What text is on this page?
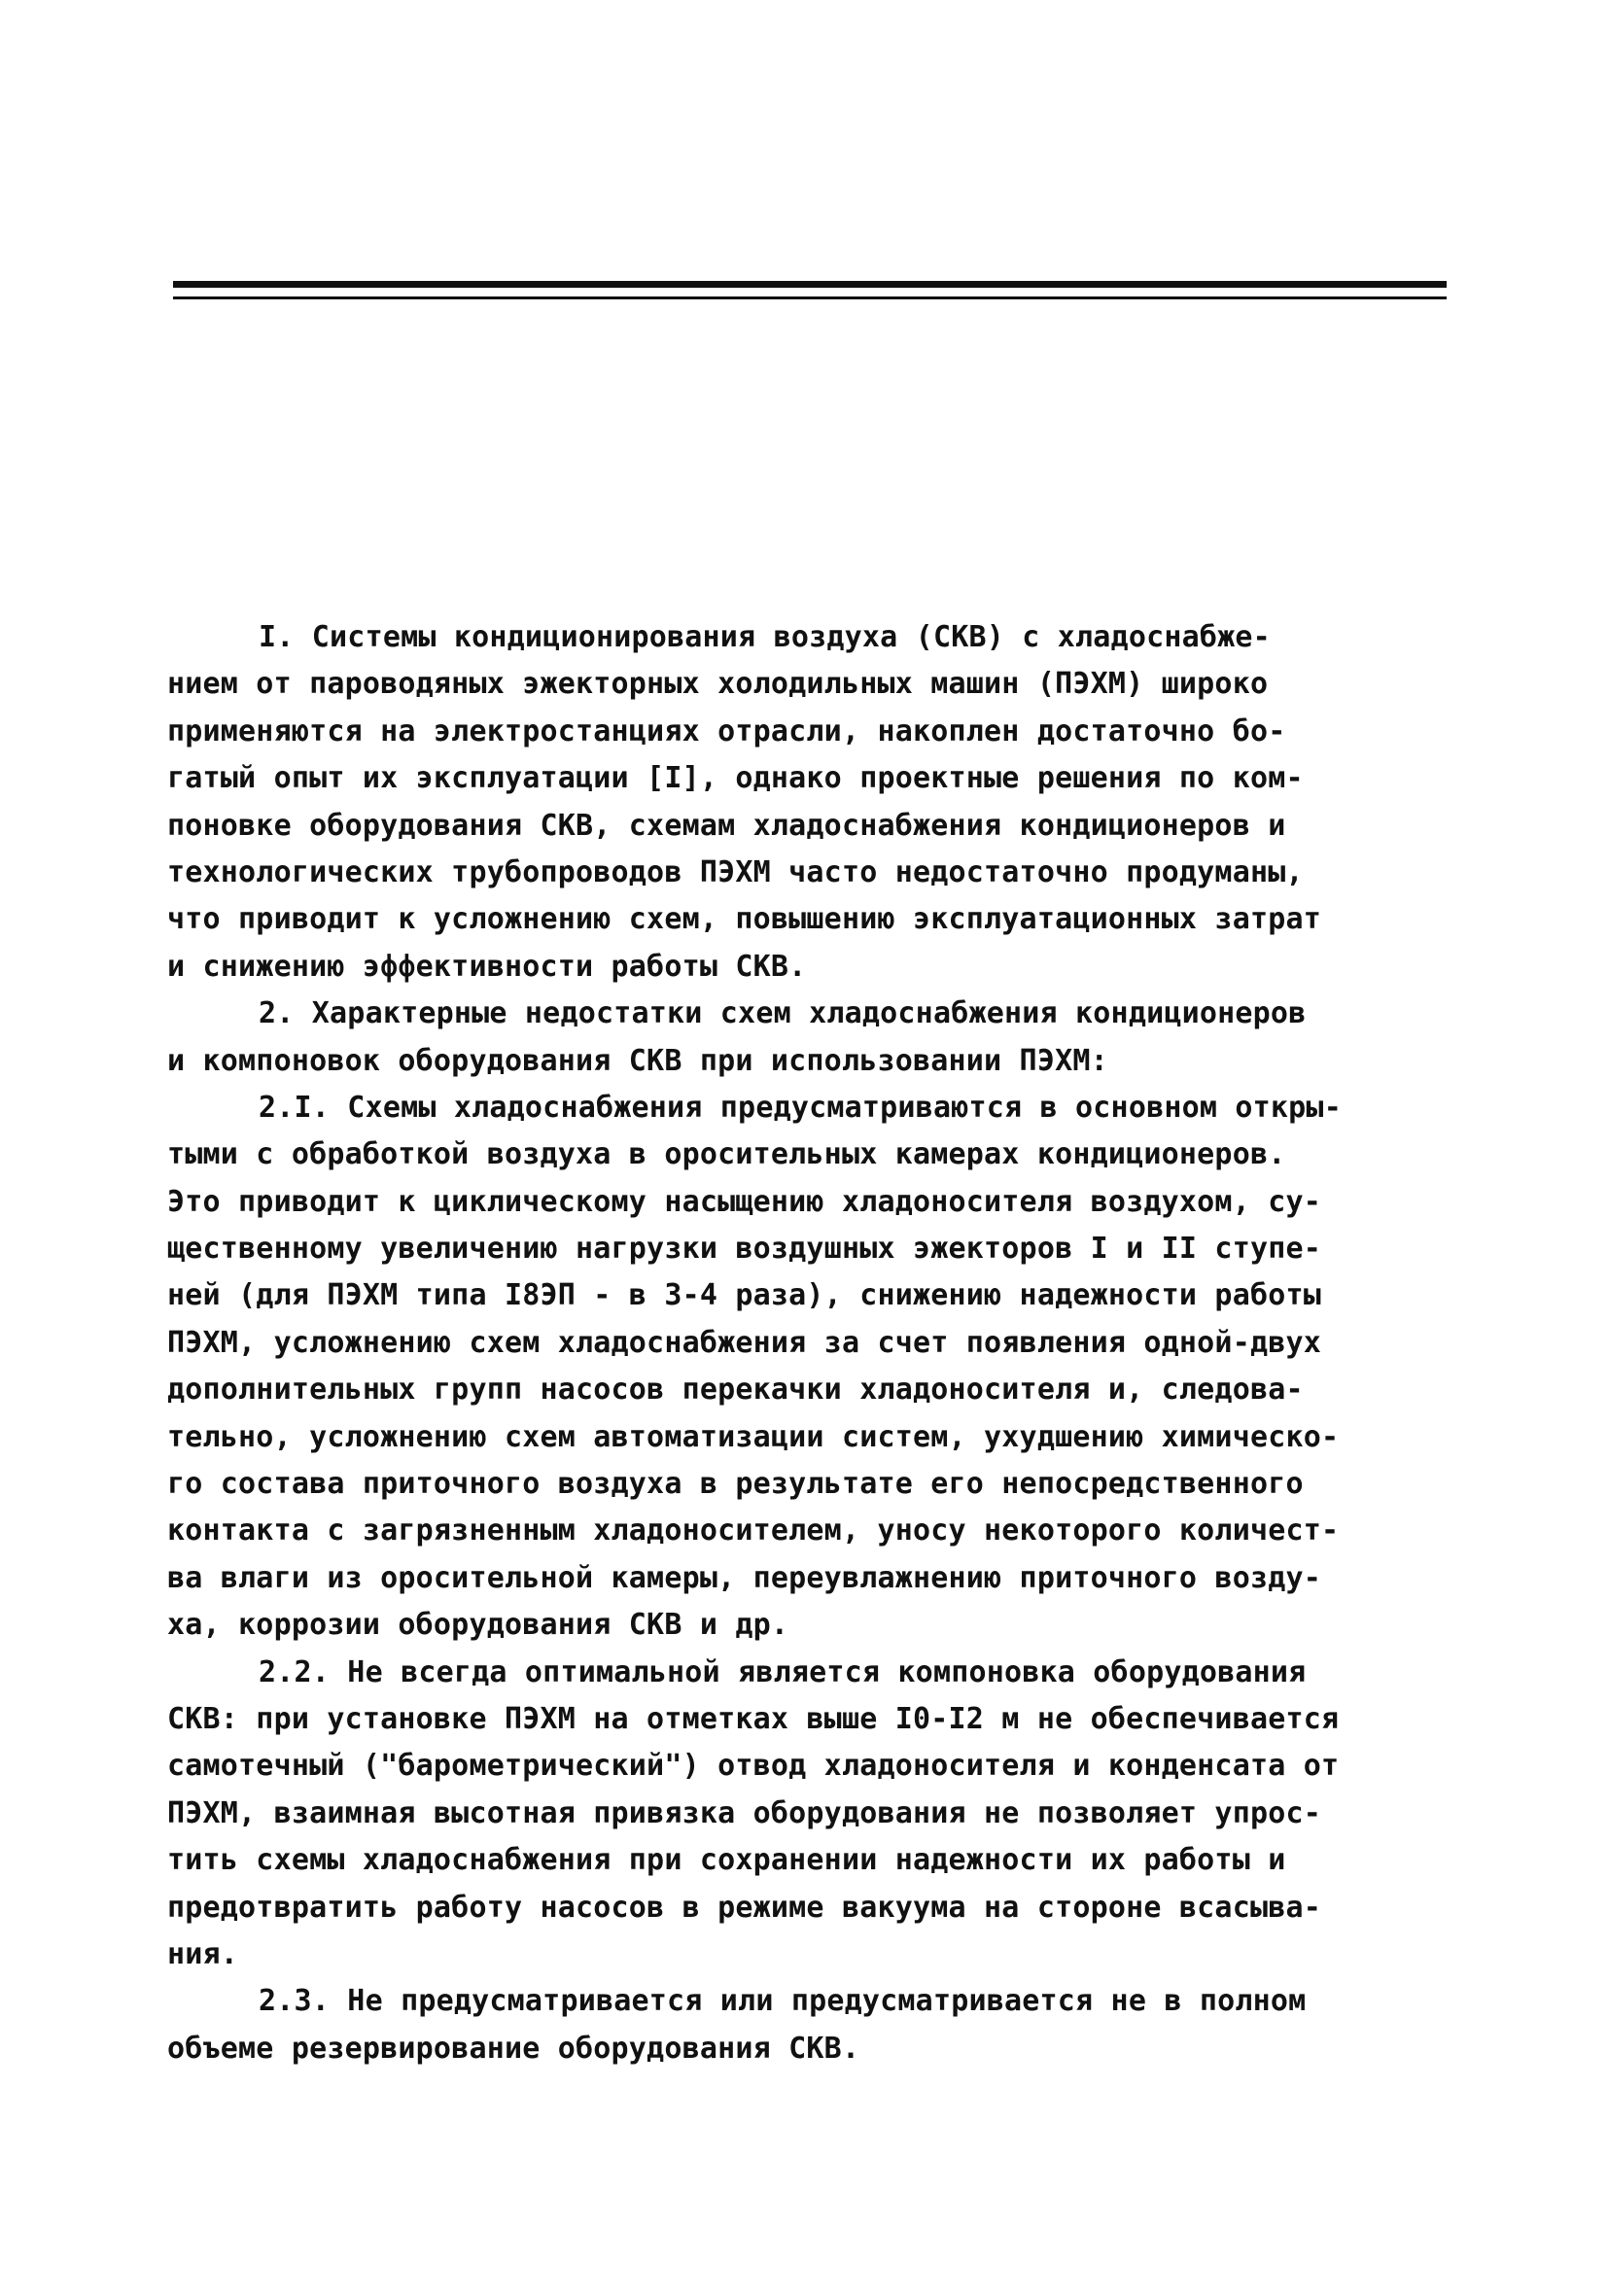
I. Системы кондиционирования воздуха (СКВ) с хладоснабже-
нием от пароводяных эжекторных холодильных машин (ПЭХМ) широко
применяются на электростанциях отрасли, накоплен достаточно бо-
гатый опыт их эксплуатации [I], однако проектные решения по ком-
поновке оборудования СКВ, схемам хладоснабжения кондиционеров и
технологических трубопроводов ПЭХМ часто недостаточно продуманы,
что приводит к усложнению схем, повышению эксплуатационных затрат
и снижению эффективности работы СКВ.
2. Характерные недостатки схем хладоснабжения кондиционеров
и компоновок оборудования СКВ при использовании ПЭХМ:
2.I. Схемы хладоснабжения предусматриваются в основном откры-
тыми с обработкой воздуха в оросительных камерах кондиционеров.
Это приводит к циклическому насыщению хладоносителя воздухом, су-
щественному увеличению нагрузки воздушных эжекторов I и II ступе-
ней (для ПЭХМ типа I8ЭП - в 3-4 раза), снижению надежности работы
ПЭХМ, усложнению схем хладоснабжения за счет появления одной-двух
дополнительных групп насосов перекачки хладоносителя и, следова-
тельно, усложнению схем автоматизации систем, ухудшению химическо-
го состава приточного воздуха в результате его непосредственного
контакта с загрязненным хладоносителем, уносу некоторого количест-
ва влаги из оросительной камеры, переувлажнению приточного возду-
ха, коррозии оборудования СКВ и др.
2.2. Не всегда оптимальной является компоновка оборудования
СКВ: при установке ПЭХМ на отметках выше I0-I2 м не обеспечивается
самотечный ("барометрический") отвод хладоносителя и конденсата от
ПЭХМ, взаимная высотная привязка оборудования не позволяет упрос-
тить схемы хладоснабжения при сохранении надежности их работы и
предотвратить работу насосов в режиме вакуума на стороне всасыва-
ния.
2.3. Не предусматривается или предусматривается не в полном
объеме резервирование оборудования СКВ.
